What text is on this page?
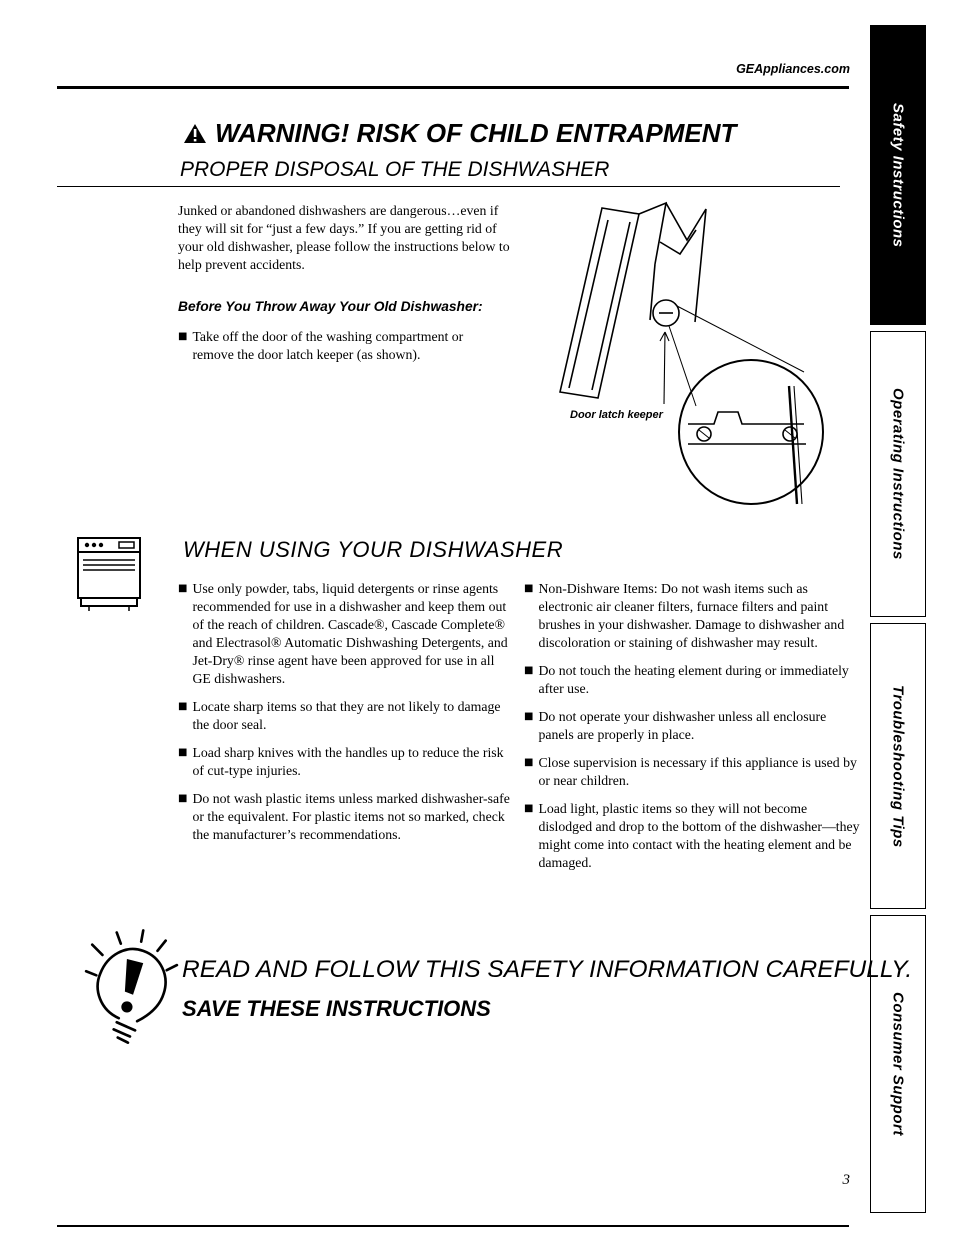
GEAppliances.com
Safety Instructions
Operating Instructions
Troubleshooting Tips
Consumer Support
WARNING! RISK OF CHILD ENTRAPMENT
PROPER DISPOSAL OF THE DISHWASHER
Junked or abandoned dishwashers are dangerous…even if they will sit for “just a few days.” If you are getting rid of your old dishwasher, please follow the instructions below to help prevent accidents.
Before You Throw Away Your Old Dishwasher:
■ Take off the door of the washing compartment or remove the door latch keeper (as shown).
Door latch keeper
WHEN USING YOUR DISHWASHER
■ Use only powder, tabs, liquid detergents or rinse agents recommended for use in a dishwasher and keep them out of the reach of children. Cascade®, Cascade Complete® and Electrasol® Automatic Dishwashing Detergents, and Jet-Dry® rinse agent have been approved for use in all GE dishwashers.
■ Locate sharp items so that they are not likely to damage the door seal.
■ Load sharp knives with the handles up to reduce the risk of cut-type injuries.
■ Do not wash plastic items unless marked dishwasher-safe or the equivalent. For plastic items not so marked, check the manufacturer’s recommendations.
■ Non-Dishware Items: Do not wash items such as electronic air cleaner filters, furnace filters and paint brushes in your dishwasher. Damage to dishwasher and discoloration or staining of dishwasher may result.
■ Do not touch the heating element during or immediately after use.
■ Do not operate your dishwasher unless all enclosure panels are properly in place.
■ Close supervision is necessary if this appliance is used by or near children.
■ Load light, plastic items so they will not become dislodged and drop to the bottom of the dishwasher—they might come into contact with the heating element and be damaged.
READ AND FOLLOW THIS SAFETY INFORMATION CAREFULLY.
SAVE THESE INSTRUCTIONS
3
